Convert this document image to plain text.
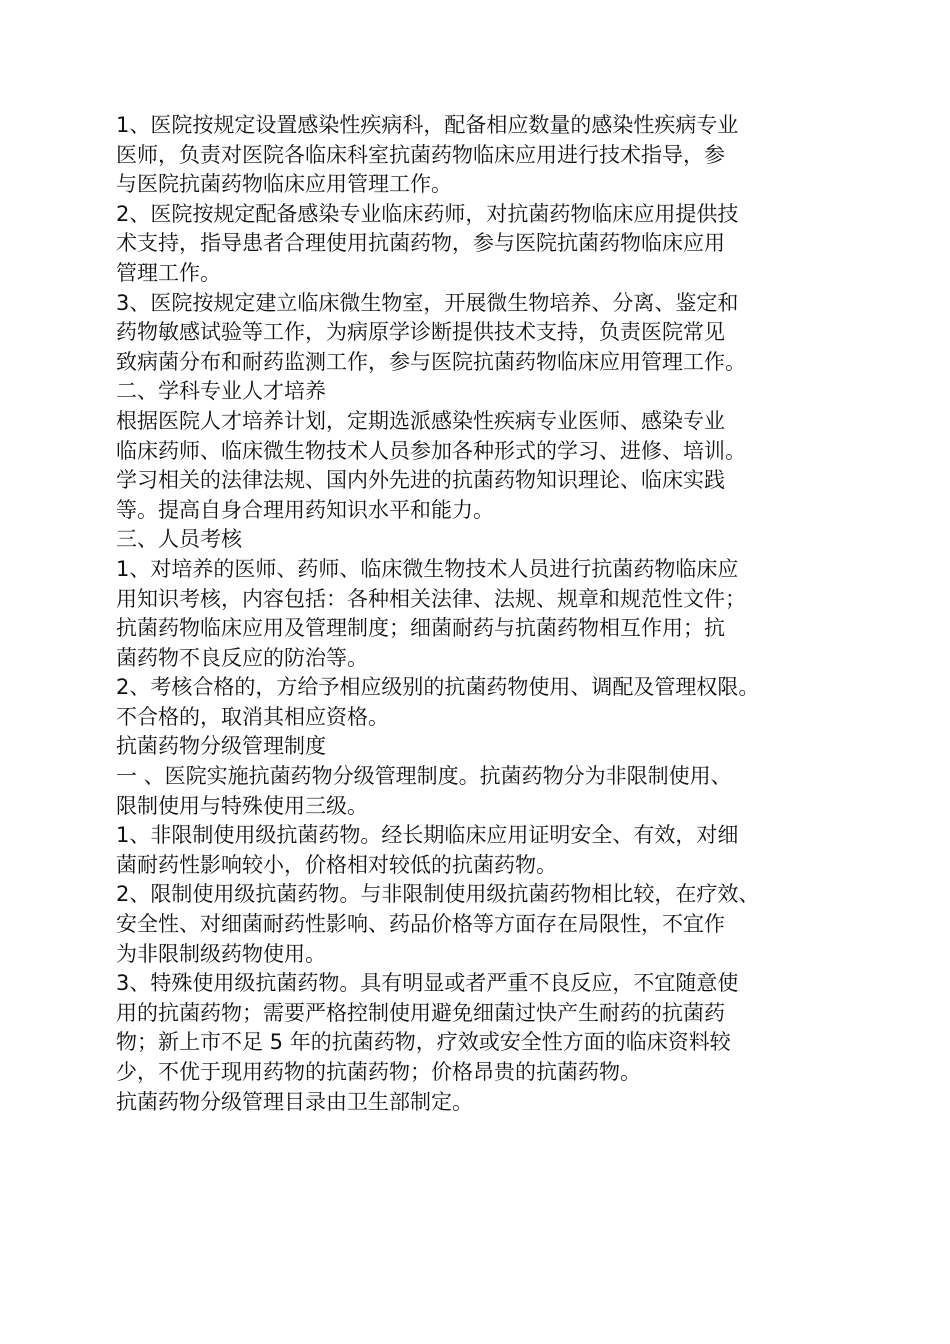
1、医院按规定设置感染性疾病科，配备相应数量的感染性疾病专业
医师，负责对医院各临床科室抗菌药物临床应用进行技术指导，参
与医院抗菌药物临床应用管理工作。
2、医院按规定配备感染专业临床药师，对抗菌药物临床应用提供技
术支持，指导患者合理使用抗菌药物，参与医院抗菌药物临床应用
管理工作。
3、医院按规定建立临床微生物室，开展微生物培养、分离、鉴定和
药物敏感试验等工作，为病原学诊断提供技术支持，负责医院常见
致病菌分布和耐药监测工作，参与医院抗菌药物临床应用管理工作。
二、学科专业人才培养
根据医院人才培养计划，定期选派感染性疾病专业医师、感染专业
临床药师、临床微生物技术人员参加各种形式的学习、进修、培训。
学习相关的法律法规、国内外先进的抗菌药物知识理论、临床实践
等。提高自身合理用药知识水平和能力。
三、人员考核
1、对培养的医师、药师、临床微生物技术人员进行抗菌药物临床应
用知识考核，内容包括：各种相关法律、法规、规章和规范性文件；
抗菌药物临床应用及管理制度；细菌耐药与抗菌药物相互作用；抗
菌药物不良反应的防治等。
2、考核合格的，方给予相应级别的抗菌药物使用、调配及管理权限。
不合格的，取消其相应资格。
抗菌药物分级管理制度
一 、医院实施抗菌药物分级管理制度。抗菌药物分为非限制使用、
限制使用与特殊使用三级。
1、非限制使用级抗菌药物。经长期临床应用证明安全、有效，对细
菌耐药性影响较小，价格相对较低的抗菌药物。
2、限制使用级抗菌药物。与非限制使用级抗菌药物相比较，在疗效、
安全性、对细菌耐药性影响、药品价格等方面存在局限性，不宜作
为非限制级药物使用。
3、特殊使用级抗菌药物。具有明显或者严重不良反应，不宜随意使
用的抗菌药物；需要严格控制使用避免细菌过快产生耐药的抗菌药
物；新上市不足 5 年的抗菌药物，疗效或安全性方面的临床资料较
少，不优于现用药物的抗菌药物；价格昂贵的抗菌药物。
抗菌药物分级管理目录由卫生部制定。
